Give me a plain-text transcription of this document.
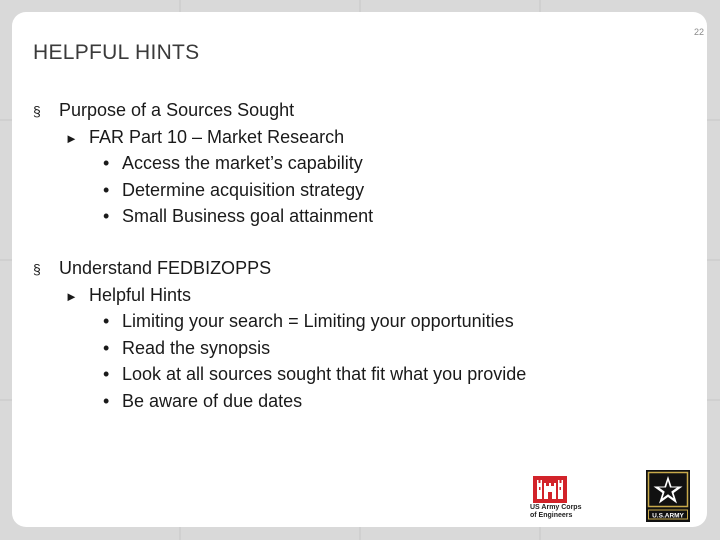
22
HELPFUL HINTS
§ Purpose of a Sources Sought
► FAR Part 10 – Market Research
• Access the market’s capability
• Determine acquisition strategy
• Small Business goal attainment
§ Understand FEDBIZOPPS
► Helpful Hints
• Limiting your search = Limiting your opportunities
• Read the synopsis
• Look at all sources sought that fit what you provide
• Be aware of due dates
US Army Corps
of Engineers	U.S.ARMY
